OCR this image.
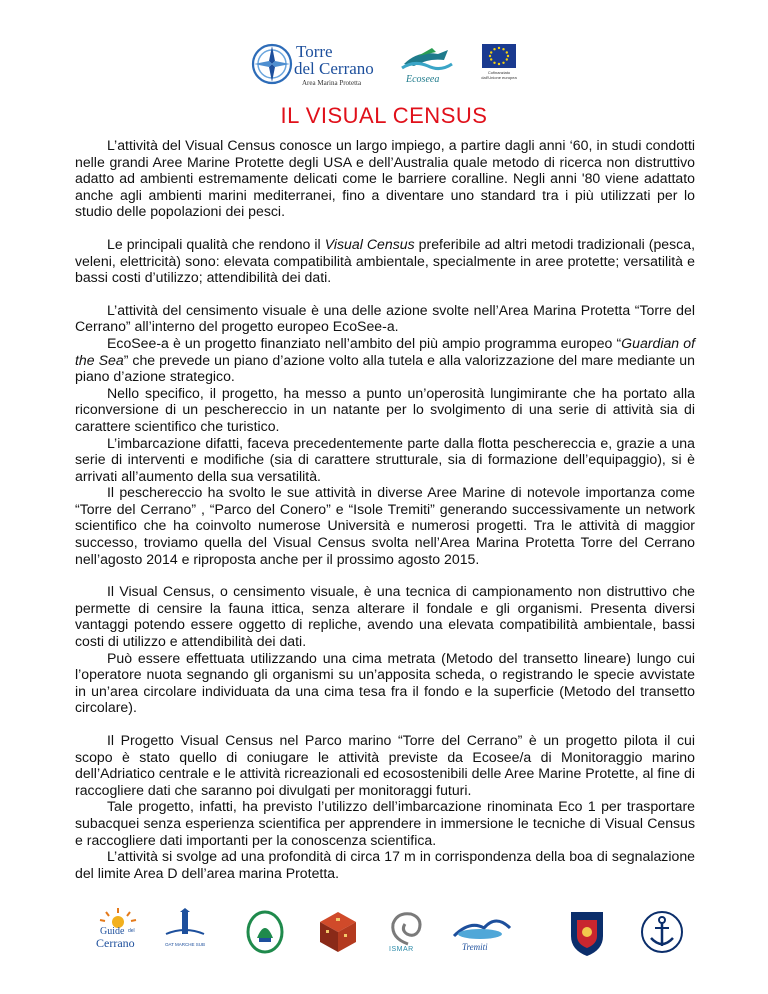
Torre
del Cerrano
Area Marina Protetta	Ecoseea
Cofinanziato dall'Unione europea
IL VISUAL CENSUS

L’attività del Visual Census conosce un largo impiego, a partire dagli anni ‘60, in studi condotti nelle grandi Aree Marine Protette degli USA e dell’Australia quale metodo di ricerca non distruttivo adatto ad ambienti estremamente delicati come le barriere coralline. Negli anni '80 viene adattato anche agli ambienti marini mediterranei, fino a diventare uno standard tra i più utilizzati per lo studio delle popolazioni dei pesci.

Le principali qualità che rendono il Visual Census preferibile ad altri metodi tradizionali (pesca, veleni, elettricità) sono: elevata compatibilità ambientale, specialmente in aree protette; versatilità e bassi costi d’utilizzo; attendibilità dei dati.

L’attività del censimento visuale è una delle azione svolte nell’Area Marina Protetta “Torre del Cerrano” all’interno del progetto europeo EcoSee-a.

EcoSee-a è un progetto finanziato nell’ambito del più ampio programma europeo “Guardian of the Sea” che prevede un piano d’azione volto alla tutela e alla valorizzazione del mare mediante un piano d’azione strategico.

Nello specifico, il progetto, ha messo a punto un’operosità lungimirante che ha portato alla riconversione di un peschereccio in un natante per lo svolgimento di una serie di attività sia di carattere scientifico che turistico.

L’imbarcazione difatti, faceva precedentemente parte dalla flotta peschereccia e, grazie a una serie di interventi e modifiche (sia di carattere strutturale, sia di formazione dell’equipaggio), si è arrivati all’aumento della sua versatilità.

Il peschereccio ha svolto le sue attività in diverse Aree Marine di notevole importanza come “Torre del Cerrano” , “Parco del Conero” e “Isole Tremiti” generando successivamente un network scientifico che ha coinvolto numerose Università e numerosi progetti. Tra le attività di maggior successo, troviamo quella del Visual Census svolta nell’Area Marina Protetta Torre del Cerrano nell’agosto 2014 e riproposta anche per il prossimo agosto 2015.

Il Visual Census, o censimento visuale, è una tecnica di campionamento non distruttivo che permette di censire la fauna ittica, senza alterare il fondale e gli organismi. Presenta diversi vantaggi potendo essere oggetto di repliche, avendo una elevata compatibilità ambientale, bassi costi di utilizzo e attendibilità dei dati.

Può essere effettuata utilizzando una cima metrata (Metodo del transetto lineare) lungo cui l’operatore nuota segnando gli organismi su un’apposita scheda, o registrando le specie avvistate in un’area circolare individuata da una cima tesa fra il fondo e la superficie (Metodo del transetto circolare).

Il Progetto Visual Census nel Parco marino “Torre del Cerrano” è un progetto pilota il cui scopo è stato quello di coniugare le attività previste da Ecosee/a di Monitoraggio marino dell’Adriatico centrale e le attività ricreazionali ed ecosostenibili delle Aree Marine Protette, al fine di raccogliere dati che saranno poi divulgati per monitoraggi futuri.

Tale progetto, infatti, ha previsto l’utilizzo dell’imbarcazione rinominata Eco 1 per trasportare subacquei senza esperienza scientifica per apprendere in immersione le tecniche di Visual Census e raccogliere dati importanti per la conoscenza scientifica.

L’attività si svolge ad una profondità di circa 17 m in corrispondenza della boa di segnalazione del limite Area D dell’area marina Protetta.

Guide del
Cerrano	OAT MARCHE SUB
ISMAR	Tremiti
